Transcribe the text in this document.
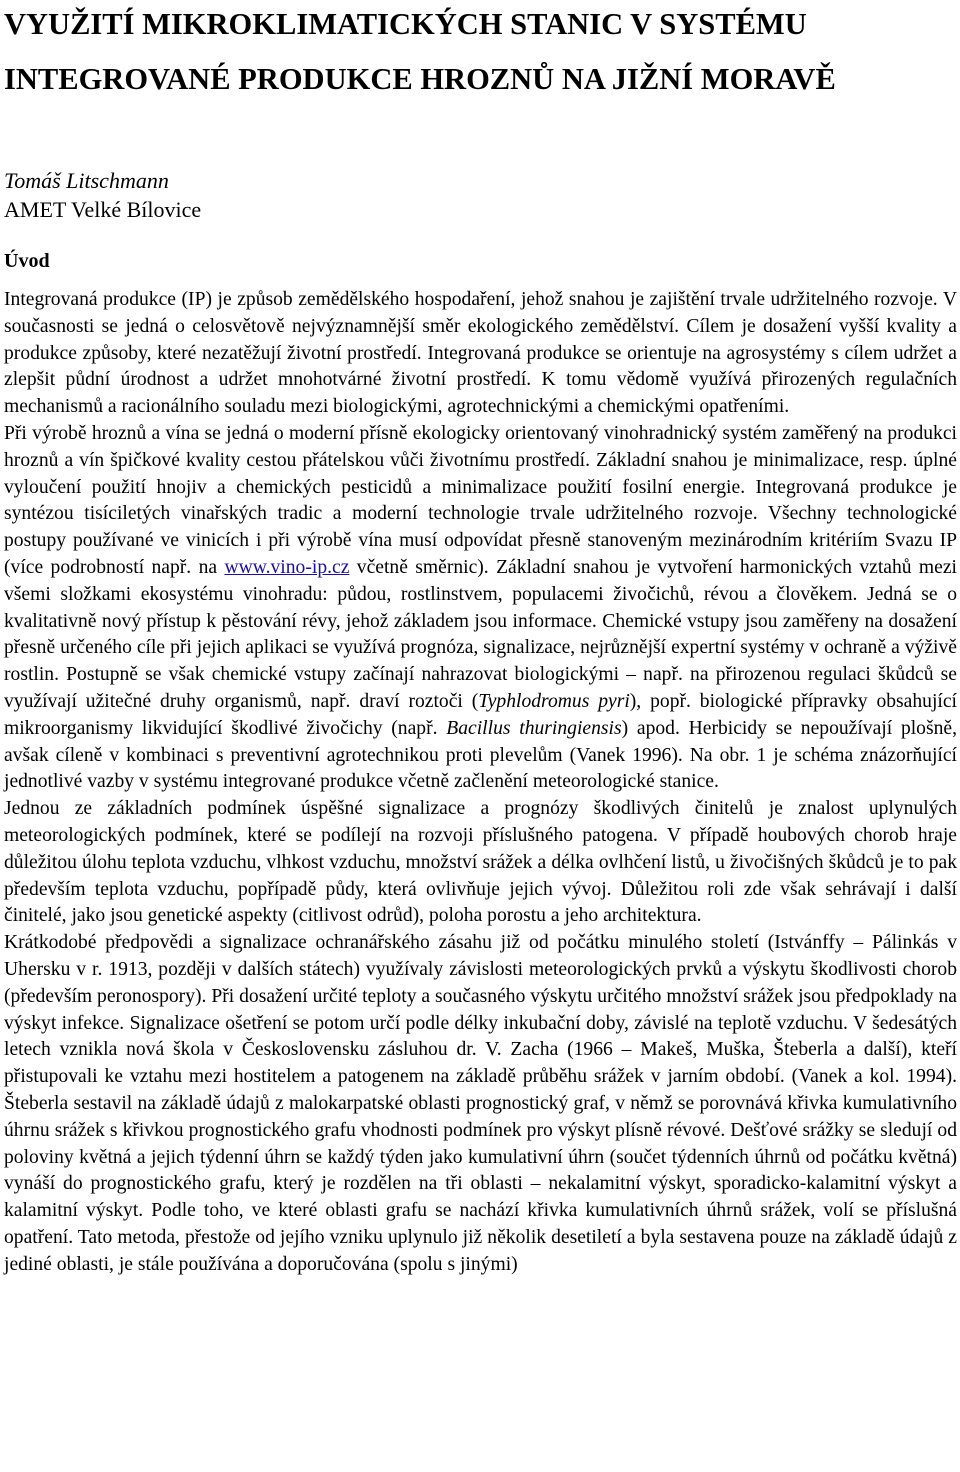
VYUŽITÍ MIKROKLIMATICKÝCH STANIC V SYSTÉMU
INTEGROVANÉ PRODUKCE HROZNŮ NA JIŽNÍ MORAVĚ
Tomáš Litschmann
AMET Velké Bílovice
Úvod

Integrovaná produkce (IP) je způsob zemědělského hospodaření, jehož snahou je zajištění trvale udržitelného rozvoje. V současnosti se jedná o celosvětově nejvýznamnější směr ekologického zemědělství. Cílem je dosažení vyšší kvality a produkce způsoby, které nezatěžují životní prostředí. Integrovaná produkce se orientuje na agrosystémy s cílem udržet a zlepšit půdní úrodnost a udržet mnohotvárné životní prostředí. K tomu vědomě využívá přirozených regulačních mechanismů a racionálního souladu mezi biologickými, agrotechnickými a chemickými opatřeními.

Při výrobě hroznů a vína se jedná o moderní přísně ekologicky orientovaný vinohradnický systém zaměřený na produkci hroznů a vín špičkové kvality cestou přátelskou vůči životnímu prostředí. Základní snahou je minimalizace, resp. úplné vyloučení použití hnojiv a chemických pesticidů a minimalizace použití fosilní energie. Integrovaná produkce je syntézou tisíciletých vinařských tradic a moderní technologie trvale udržitelného rozvoje. Všechny technologické postupy používané ve vinicích i při výrobě vína musí odpovídat přesně stanoveným mezinárodním kritériím Svazu IP (více podrobností např. na www.vino-ip.cz včetně směrnic). Základní snahou je vytvoření harmonických vztahů mezi všemi složkami ekosystému vinohradu: půdou, rostlinstvem, populacemi živočichů, révou a člověkem. Jedná se o kvalitativně nový přístup k pěstování révy, jehož základem jsou informace. Chemické vstupy jsou zaměřeny na dosažení přesně určeného cíle při jejich aplikaci se využívá prognóza, signalizace, nejrůznější expertní systémy v ochraně a výživě rostlin. Postupně se však chemické vstupy začínají nahrazovat biologickými – např. na přirozenou regulaci škůdců se využívají užitečné druhy organismů, např. draví roztoči (Typhlodromus pyri), popř. biologické přípravky obsahující mikroorganismy likvidující škodlivé živočichy (např. Bacillus thuringiensis) apod. Herbicidy se nepoužívají plošně, avšak cíleně v kombinaci s preventivní agrotechnikou proti plevelům (Vanek 1996). Na obr. 1 je schéma znázorňující jednotlivé vazby v systému integrované produkce včetně začlenění meteorologické stanice.

Jednou ze základních podmínek úspěšné signalizace a prognózy škodlivých činitelů je znalost uplynulých meteorologických podmínek, které se podílejí na rozvoji příslušného patogena. V případě houbových chorob hraje důležitou úlohu teplota vzduchu, vlhkost vzduchu, množství srážek a délka ovlhčení listů, u živočišných škůdců je to pak především teplota vzduchu, popřípadě půdy, která ovlivňuje jejich vývoj. Důležitou roli zde však sehrávají i další činitelé, jako jsou genetické aspekty (citlivost odrůd), poloha porostu a jeho architektura.

Krátkodobé předpovědi a signalizace ochranářského zásahu již od počátku minulého století (Istvánffy – Pálinkás v Uhersku v r. 1913, později v dalších státech) využívaly závislosti meteorologických prvků a výskytu škodlivosti chorob (především peronospory). Při dosažení určité teploty a současného výskytu určitého množství srážek jsou předpoklady na výskyt infekce. Signalizace ošetření se potom určí podle délky inkubační doby, závislé na teplotě vzduchu. V šedesátých letech vznikla nová škola v Československu zásluhou dr. V. Zacha (1966 – Makeš, Muška, Šteberla a další), kteří přistupovali ke vztahu mezi hostitelem a patogenem na základě průběhu srážek v jarním období. (Vanek a kol. 1994). Šteberla sestavil na základě údajů z malokarpatské oblasti prognostický graf, v němž se porovnává křivka kumulativního úhrnu srážek s křivkou prognostického grafu vhodnosti podmínek pro výskyt plísně révové. Dešťové srážky se sledují od poloviny květná a jejich týdenní úhrn se každý týden jako kumulativní úhrn (součet týdenních úhrnů od počátku květná) vynáší do prognostického grafu, který je rozdělen na tři oblasti – nekalamitní výskyt, sporadicko-kalamitní výskyt a kalamitní výskyt. Podle toho, ve které oblasti grafu se nachází křivka kumulativních úhrnů srážek, volí se příslušná opatření. Tato metoda, přestože od jejího vzniku uplynulo již několik desetiletí a byla sestavena pouze na základě údajů z jediné oblasti, je stále používána a doporučována (spolu s jinými)
